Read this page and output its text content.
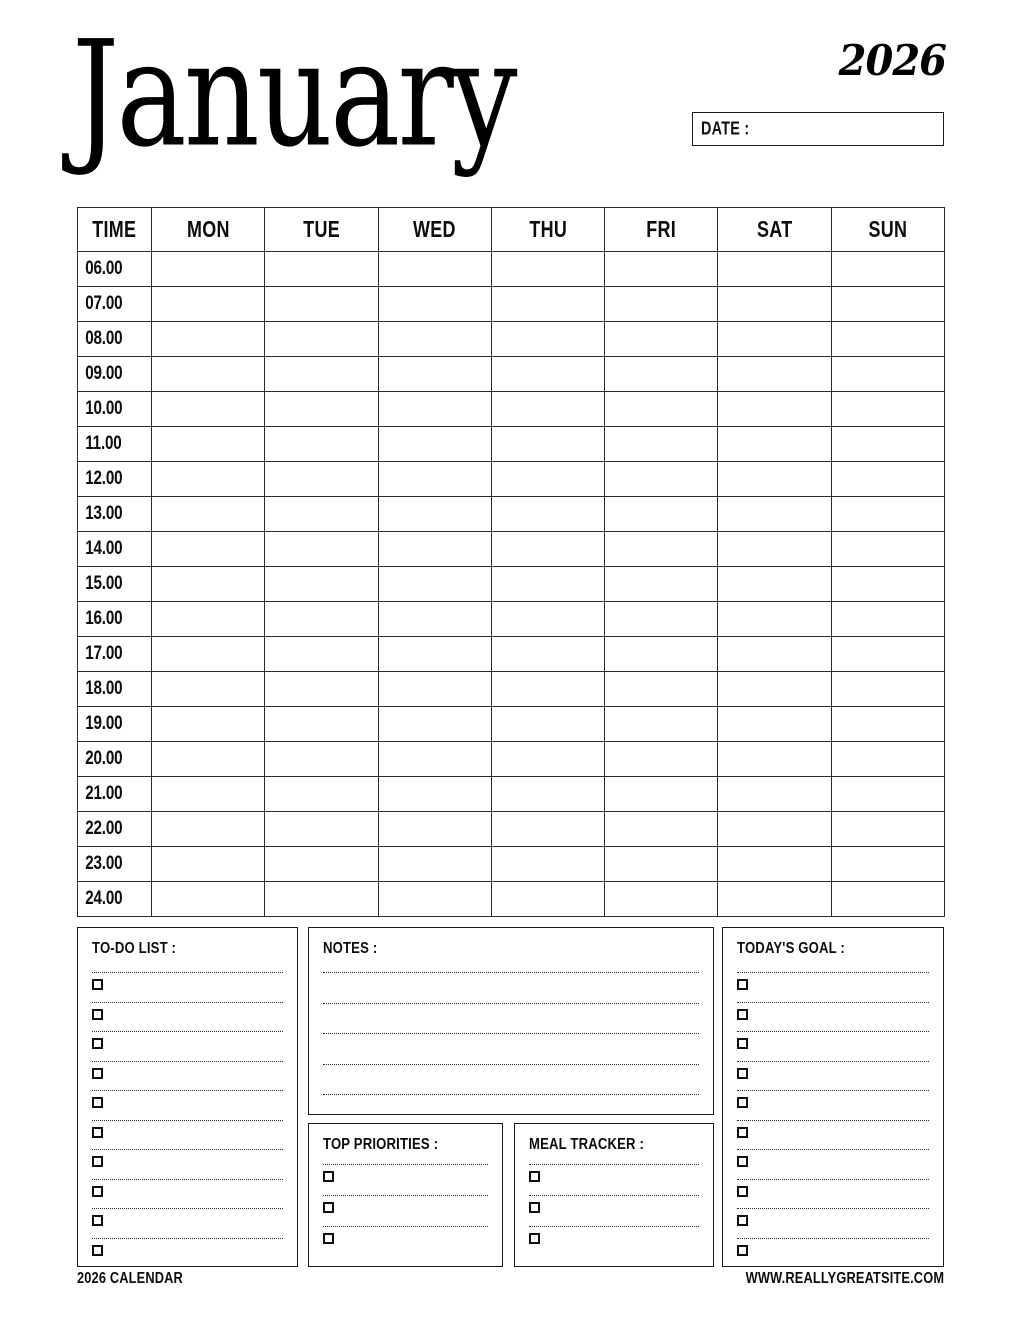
January	2026
DATE :
TIME	MON	TUE	WED	THU	FRI	SAT	SUN
06.00							
07.00							
08.00							
09.00							
10.00							
11.00							
12.00							
13.00							
14.00							
15.00							
16.00							
17.00							
18.00							
19.00							
20.00							
21.00							
22.00							
23.00							
24.00							
TO-DO LIST :	NOTES :
TOP PRIORITIES :	MEAL TRACKER :
TODAY'S GOAL :
2026 CALENDAR	WWW.REALLYGREATSITE.COM
